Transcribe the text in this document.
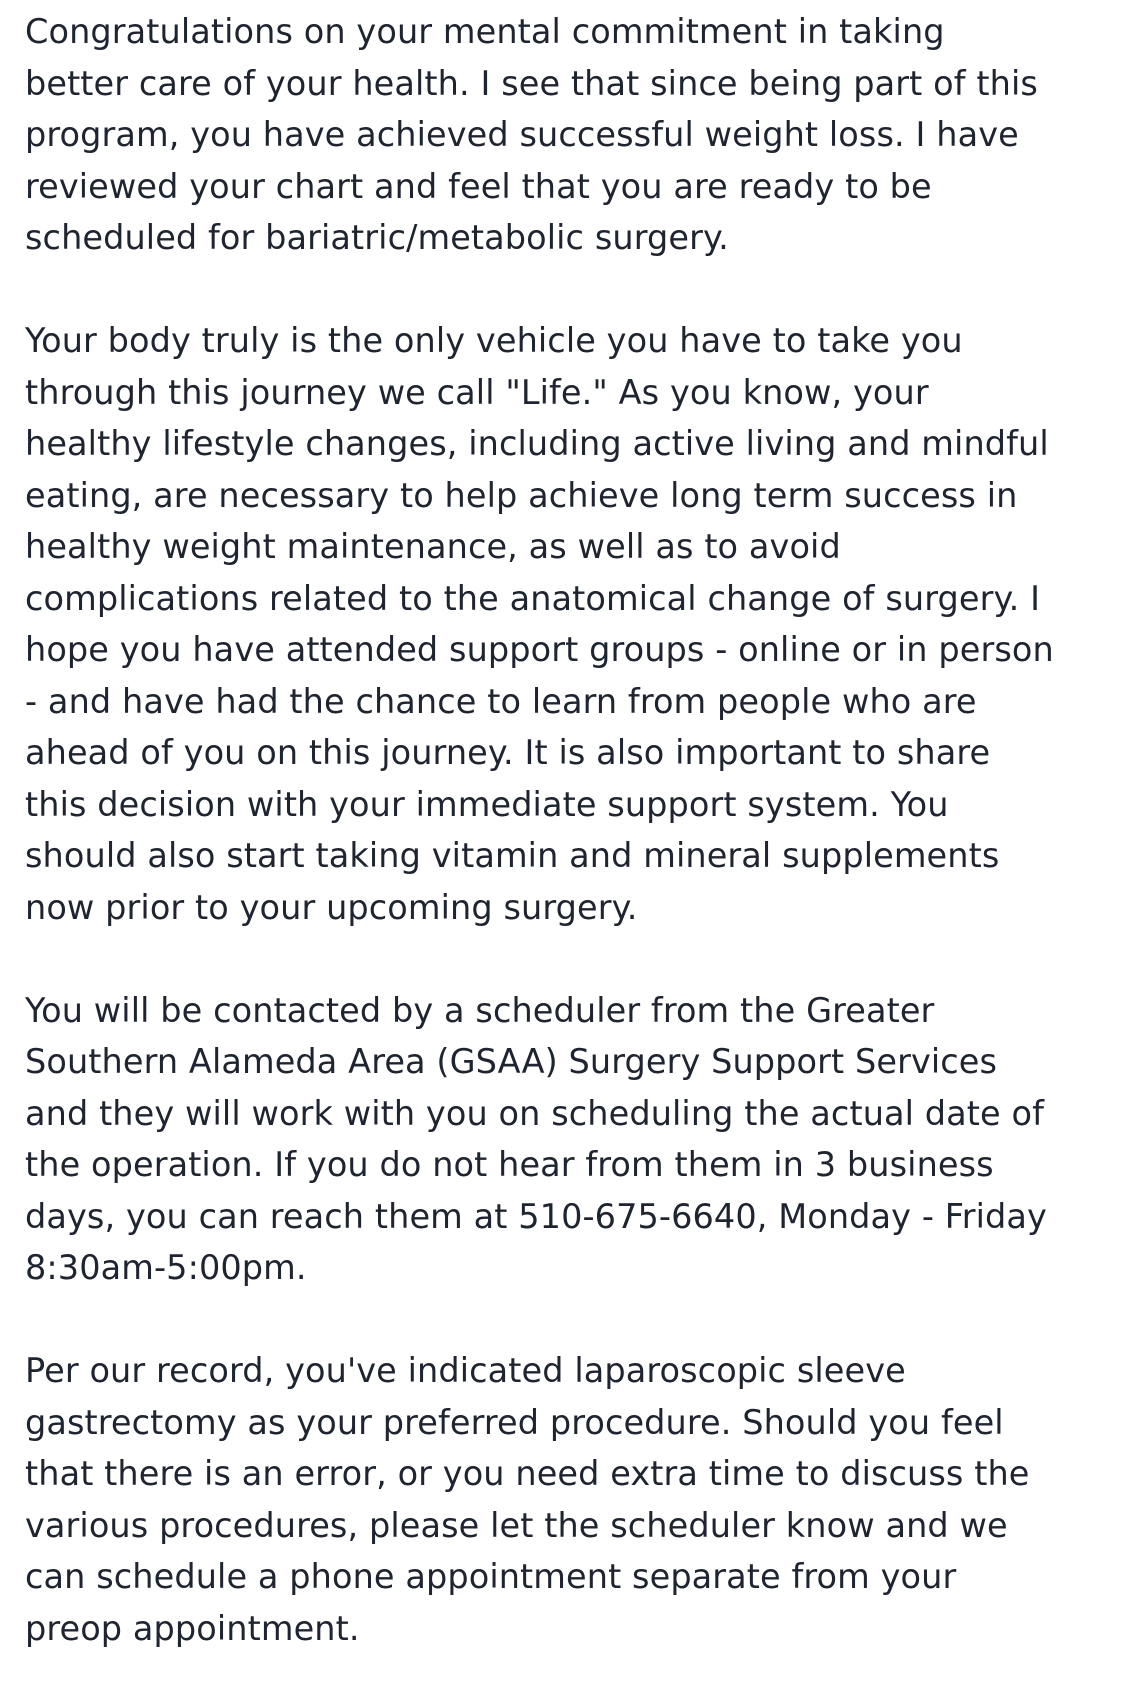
Congratulations on your mental commitment in taking
better care of your health. I see that since being part of this
program, you have achieved successful weight loss. I have
reviewed your chart and feel that you are ready to be
scheduled for bariatric/metabolic surgery.

Your body truly is the only vehicle you have to take you
through this journey we call "Life." As you know, your
healthy lifestyle changes, including active living and mindful
eating, are necessary to help achieve long term success in
healthy weight maintenance, as well as to avoid
complications related to the anatomical change of surgery. I
hope you have attended support groups - online or in person
- and have had the chance to learn from people who are
ahead of you on this journey. It is also important to share
this decision with your immediate support system. You
should also start taking vitamin and mineral supplements
now prior to your upcoming surgery.

You will be contacted by a scheduler from the Greater
Southern Alameda Area (GSAA) Surgery Support Services
and they will work with you on scheduling the actual date of
the operation. If you do not hear from them in 3 business
days, you can reach them at 510-675-6640, Monday - Friday
8:30am-5:00pm.

Per our record, you've indicated laparoscopic sleeve
gastrectomy as your preferred procedure. Should you feel
that there is an error, or you need extra time to discuss the
various procedures, please let the scheduler know and we
can schedule a phone appointment separate from your
preop appointment.
